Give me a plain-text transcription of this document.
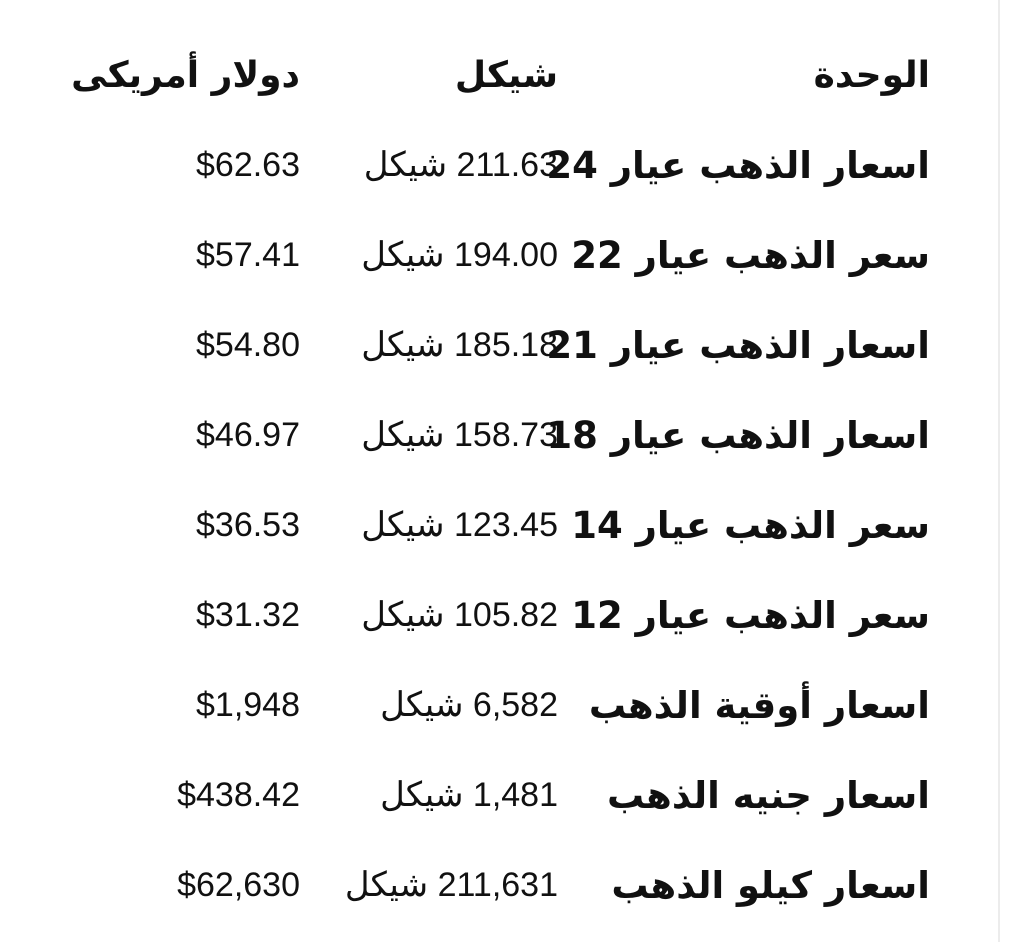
الوحدة	شيكل	دولار أمريكى
اسعار الذهب عيار 24	211.63 شيكل	$62.63
سعر الذهب عيار 22	194.00 شيكل	$57.41
اسعار الذهب عيار 21	185.18 شيكل	$54.80
اسعار الذهب عيار 18	158.73 شيكل	$46.97
سعر الذهب عيار 14	123.45 شيكل	$36.53
سعر الذهب عيار 12	105.82 شيكل	$31.32
اسعار أوقية الذهب	6,582 شيكل	$1,948
اسعار جنيه الذهب	1,481 شيكل	$438.42
اسعار كيلو الذهب	211,631 شيكل	$62,630
